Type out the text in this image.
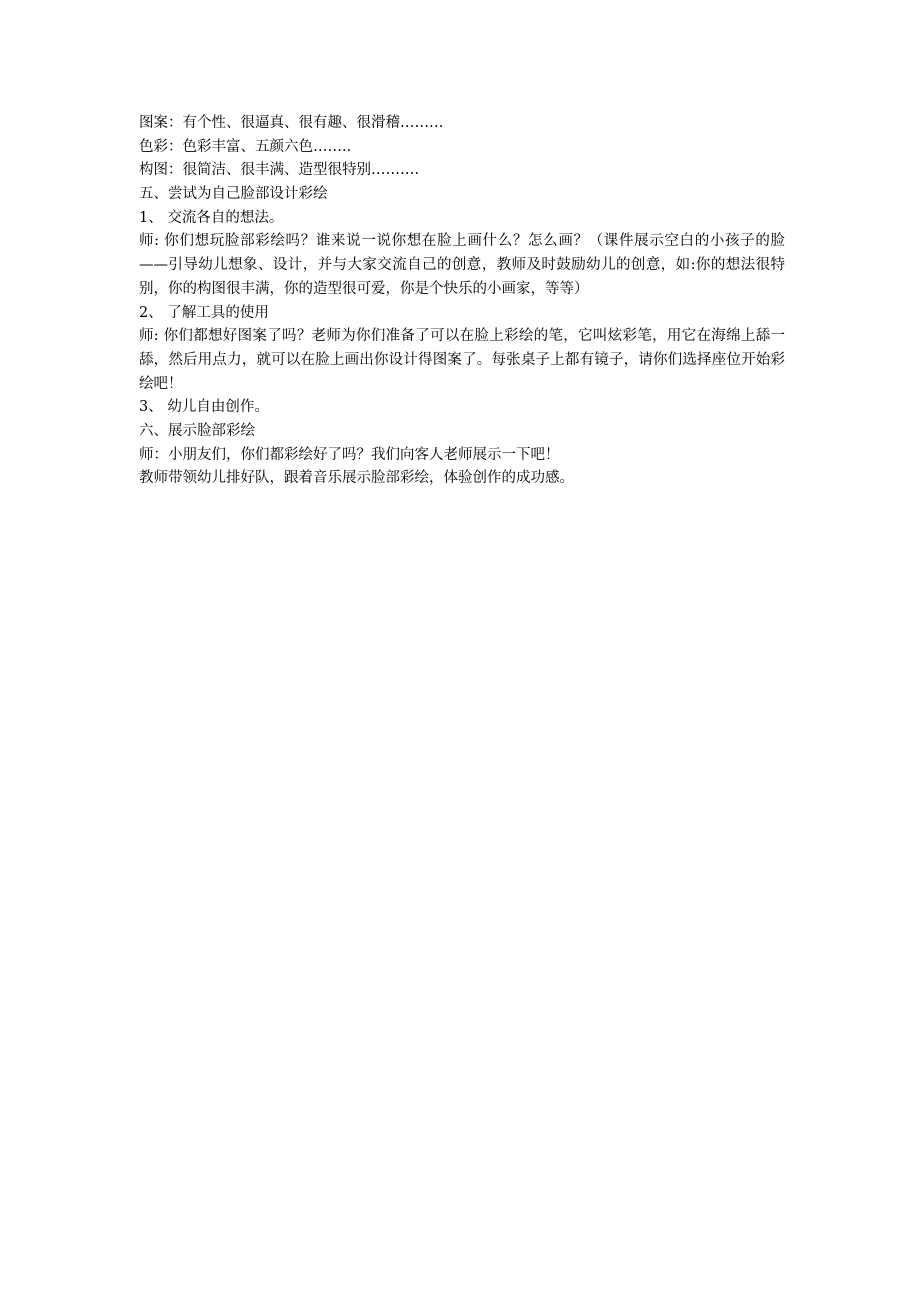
图案：有个性、很逼真、很有趣、很滑稽………
色彩：色彩丰富、五颜六色……..
构图：很简洁、很丰满、造型很特别……….
五、尝试为自己脸部设计彩绘
1、 交流各自的想法。
师: 你们想玩脸部彩绘吗？谁来说一说你想在脸上画什么？怎么画？（课件展示空白的小孩子的脸——引导幼儿想象、设计，并与大家交流自己的创意，教师及时鼓励幼儿的创意，如:你的想法很特别，你的构图很丰满，你的造型很可爱，你是个快乐的小画家，等等）
2、 了解工具的使用
师: 你们都想好图案了吗？老师为你们准备了可以在脸上彩绘的笔，它叫炫彩笔，用它在海绵上舔一舔，然后用点力，就可以在脸上画出你设计得图案了。每张桌子上都有镜子，请你们选择座位开始彩绘吧！
3、 幼儿自由创作。
六、展示脸部彩绘
师：小朋友们，你们都彩绘好了吗？我们向客人老师展示一下吧！
教师带领幼儿排好队，跟着音乐展示脸部彩绘，体验创作的成功感。
